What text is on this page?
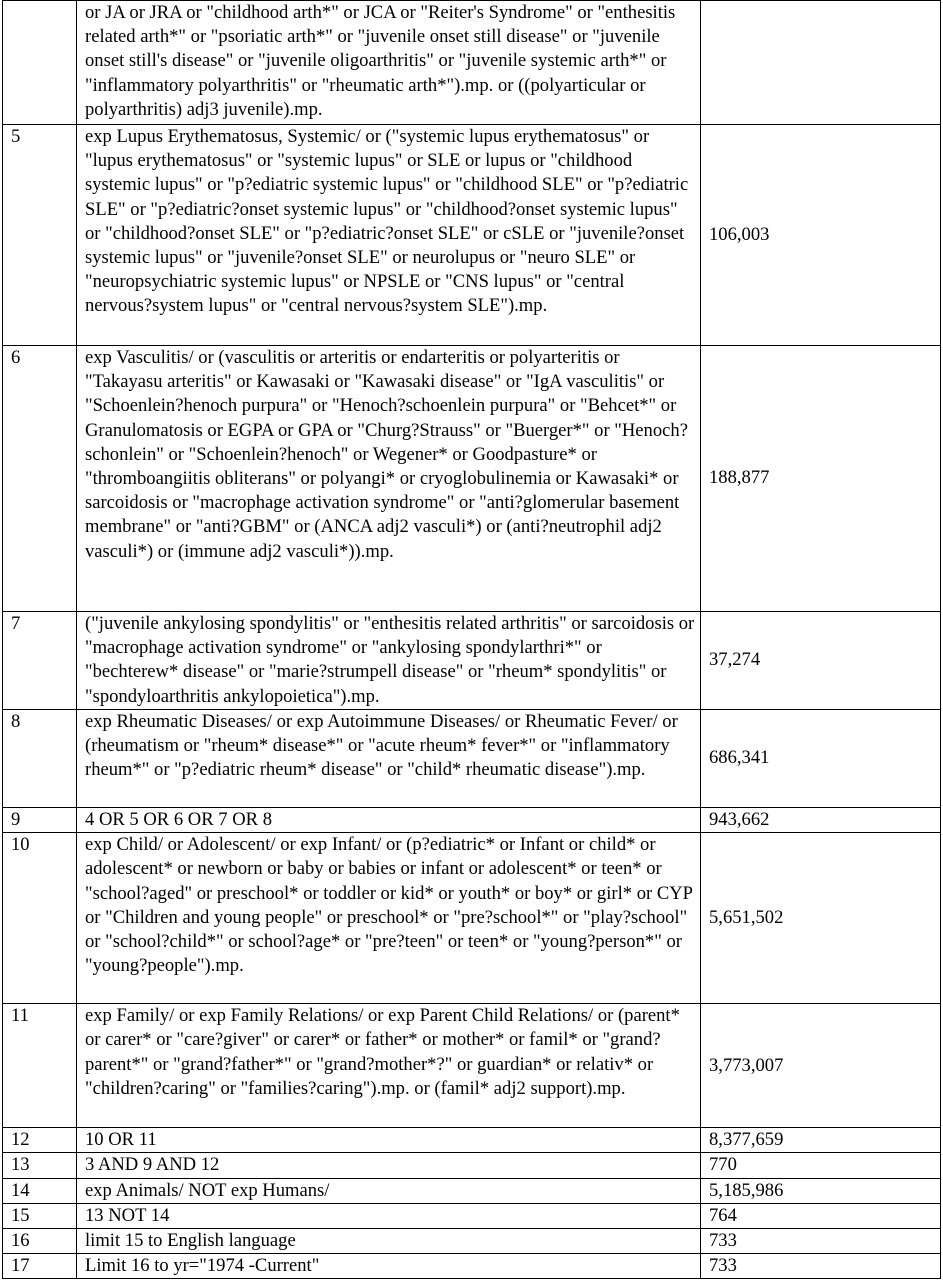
	or JA or JRA or "childhood arth*" or JCA or "Reiter's Syndrome" or "enthesitis related arth*" or "psoriatic arth*" or "juvenile onset still disease" or "juvenile onset still's disease" or "juvenile oligoarthritis" or "juvenile systemic arth*" or "inflammatory polyarthritis" or "rheumatic arth*").mp. or ((polyarticular or polyarthritis) adj3 juvenile).mp.	
5	exp Lupus Erythematosus, Systemic/ or ("systemic lupus erythematosus" or "lupus erythematosus" or "systemic lupus" or SLE or lupus or "childhood systemic lupus" or "p?ediatric systemic lupus" or "childhood SLE" or "p?ediatric SLE" or "p?ediatric?onset systemic lupus" or "childhood?onset systemic lupus" or "childhood?onset SLE" or "p?ediatric?onset SLE" or cSLE or "juvenile?onset systemic lupus" or "juvenile?onset SLE" or neurolupus or "neuro SLE" or "neuropsychiatric systemic lupus" or NPSLE or "CNS lupus" or "central nervous?system lupus" or "central nervous?system SLE").mp.	106,003
6	exp Vasculitis/ or (vasculitis or arteritis or endarteritis or polyarteritis or "Takayasu arteritis" or Kawasaki or "Kawasaki disease" or "IgA vasculitis" or "Schoenlein?henoch purpura" or "Henoch?schoenlein purpura" or "Behcet*" or Granulomatosis or EGPA or GPA or "Churg?Strauss" or "Buerger*" or "Henoch?schonlein" or "Schoenlein?henoch" or Wegener* or Goodpasture* or "thromboangiitis obliterans" or polyangi* or cryoglobulinemia or Kawasaki* or sarcoidosis or "macrophage activation syndrome" or "anti?glomerular basement membrane" or "anti?GBM" or (ANCA adj2 vasculi*) or (anti?neutrophil adj2 vasculi*) or (immune adj2 vasculi*)).mp.	188,877
7	("juvenile ankylosing spondylitis" or "enthesitis related arthritis" or sarcoidosis or "macrophage activation syndrome" or "ankylosing spondylarthri*" or "bechterew* disease" or "marie?strumpell disease" or "rheum* spondylitis" or "spondyloarthritis ankylopoietica").mp.	37,274
8	exp Rheumatic Diseases/ or exp Autoimmune Diseases/ or Rheumatic Fever/ or (rheumatism or "rheum* disease*" or "acute rheum* fever*" or "inflammatory rheum*" or "p?ediatric rheum* disease" or "child* rheumatic disease").mp.	686,341
9	4 OR 5 OR 6 OR 7 OR 8	943,662
10	exp Child/ or Adolescent/ or exp Infant/ or (p?ediatric* or Infant or child* or adolescent* or newborn or baby or babies or infant or adolescent* or teen* or "school?aged" or preschool* or toddler or kid* or youth* or boy* or girl* or CYP or "Children and young people" or preschool* or "pre?school*" or "play?school" or "school?child*" or school?age* or "pre?teen" or teen* or "young?person*" or "young?people").mp.	5,651,502
11	exp Family/ or exp Family Relations/ or exp Parent Child Relations/ or (parent* or carer* or "care?giver" or carer* or father* or mother* or famil* or "grand?parent*" or "grand?father*" or "grand?mother*?" or guardian* or relativ* or "children?caring" or "families?caring").mp. or (famil* adj2 support).mp.	3,773,007
12	10 OR 11	8,377,659
13	3 AND 9 AND 12	770
14	exp Animals/ NOT exp Humans/	5,185,986
15	13 NOT 14	764
16	limit 15 to English language	733
17	Limit 16 to yr="1974 -Current"	733
